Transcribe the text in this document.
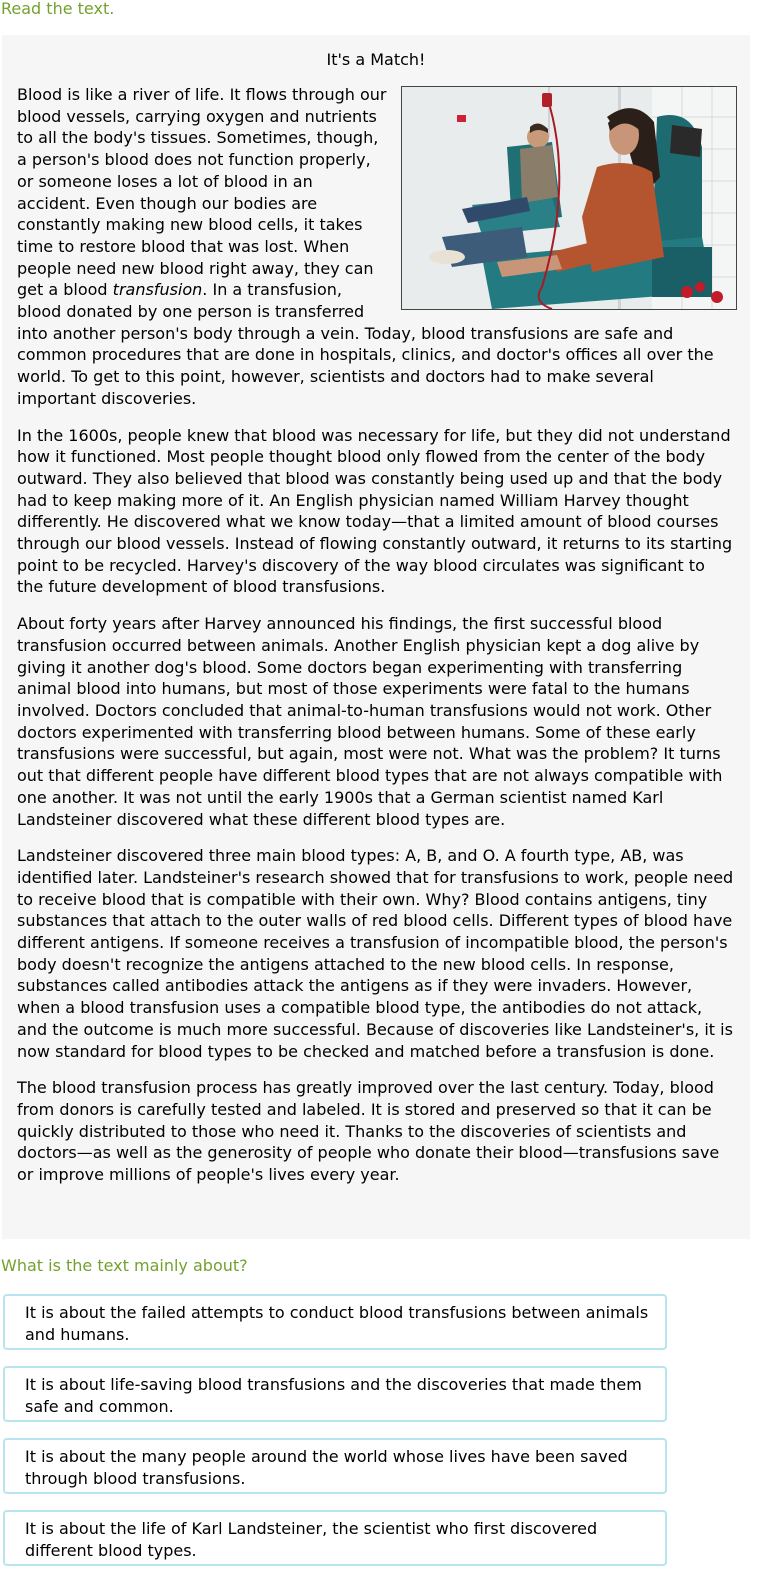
Read the text.
It's a Match!

Blood is like a river of life. It flows through our blood vessels, carrying oxygen and nutrients to all the body's tissues. Sometimes, though, a person's blood does not function properly, or someone loses a lot of blood in an accident. Even though our bodies are constantly making new blood cells, it takes time to restore blood that was lost. When people need new blood right away, they can get a blood transfusion. In a transfusion, blood donated by one person is transferred into another person's body through a vein. Today, blood transfusions are safe and common procedures that are done in hospitals, clinics, and doctor's offices all over the world. To get to this point, however, scientists and doctors had to make several important discoveries.

In the 1600s, people knew that blood was necessary for life, but they did not understand how it functioned. Most people thought blood only flowed from the center of the body outward. They also believed that blood was constantly being used up and that the body had to keep making more of it. An English physician named William Harvey thought differently. He discovered what we know today—that a limited amount of blood courses through our blood vessels. Instead of flowing constantly outward, it returns to its starting point to be recycled. Harvey's discovery of the way blood circulates was significant to the future development of blood transfusions.

About forty years after Harvey announced his findings, the first successful blood transfusion occurred between animals. Another English physician kept a dog alive by giving it another dog's blood. Some doctors began experimenting with transferring animal blood into humans, but most of those experiments were fatal to the humans involved. Doctors concluded that animal-to-human transfusions would not work. Other doctors experimented with transferring blood between humans. Some of these early transfusions were successful, but again, most were not. What was the problem? It turns out that different people have different blood types that are not always compatible with one another. It was not until the early 1900s that a German scientist named Karl Landsteiner discovered what these different blood types are.

Landsteiner discovered three main blood types: A, B, and O. A fourth type, AB, was identified later. Landsteiner's research showed that for transfusions to work, people need to receive blood that is compatible with their own. Why? Blood contains antigens, tiny substances that attach to the outer walls of red blood cells. Different types of blood have different antigens. If someone receives a transfusion of incompatible blood, the person's body doesn't recognize the antigens attached to the new blood cells. In response, substances called antibodies attack the antigens as if they were invaders. However, when a blood transfusion uses a compatible blood type, the antibodies do not attack, and the outcome is much more successful. Because of discoveries like Landsteiner's, it is now standard for blood types to be checked and matched before a transfusion is done.

The blood transfusion process has greatly improved over the last century. Today, blood from donors is carefully tested and labeled. It is stored and preserved so that it can be quickly distributed to those who need it. Thanks to the discoveries of scientists and doctors—as well as the generosity of people who donate their blood—transfusions save or improve millions of people's lives every year.

What is the text mainly about?
It is about the failed attempts to conduct blood transfusions between animals and humans.
It is about life-saving blood transfusions and the discoveries that made them safe and common.
It is about the many people around the world whose lives have been saved through blood transfusions.
It is about the life of Karl Landsteiner, the scientist who first discovered different blood types.
